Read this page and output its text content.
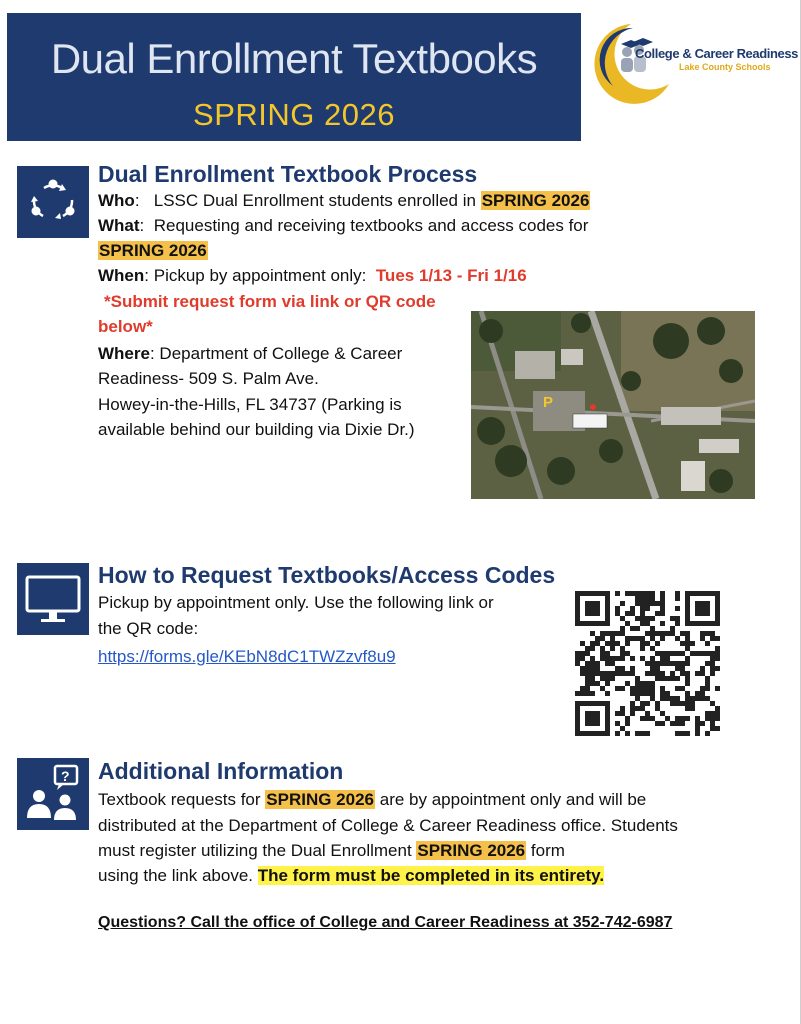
Dual Enrollment Textbooks
SPRING 2026
College & Career Readiness
Lake County Schools
Dual Enrollment Textbook Process
Who:   LSSC Dual Enrollment students enrolled in SPRING 2026
What:  Requesting and receiving textbooks and access codes for
SPRING 2026
When: Pickup by appointment only: Tues 1/13 - Fri 1/16
*Submit request form via link or QR code
below*
Where: Department of College & Career
Readiness- 509 S. Palm Ave.
Howey-in-the-Hills, FL 34737 (Parking is
available behind our building via Dixie Dr.)
P
How to Request Textbooks/Access Codes
Pickup by appointment only. Use the following link or
the QR code:
https://forms.gle/KEbN8dC1TWZzvf8u9
? Additional Information
Textbook requests for SPRING 2026 are by appointment only and will be
distributed at the Department of College & Career Readiness office. Students
must register utilizing the Dual Enrollment SPRING 2026 form
using the link above. The form must be completed in its entirety.
Questions? Call the office of College and Career Readiness at 352-742-6987
